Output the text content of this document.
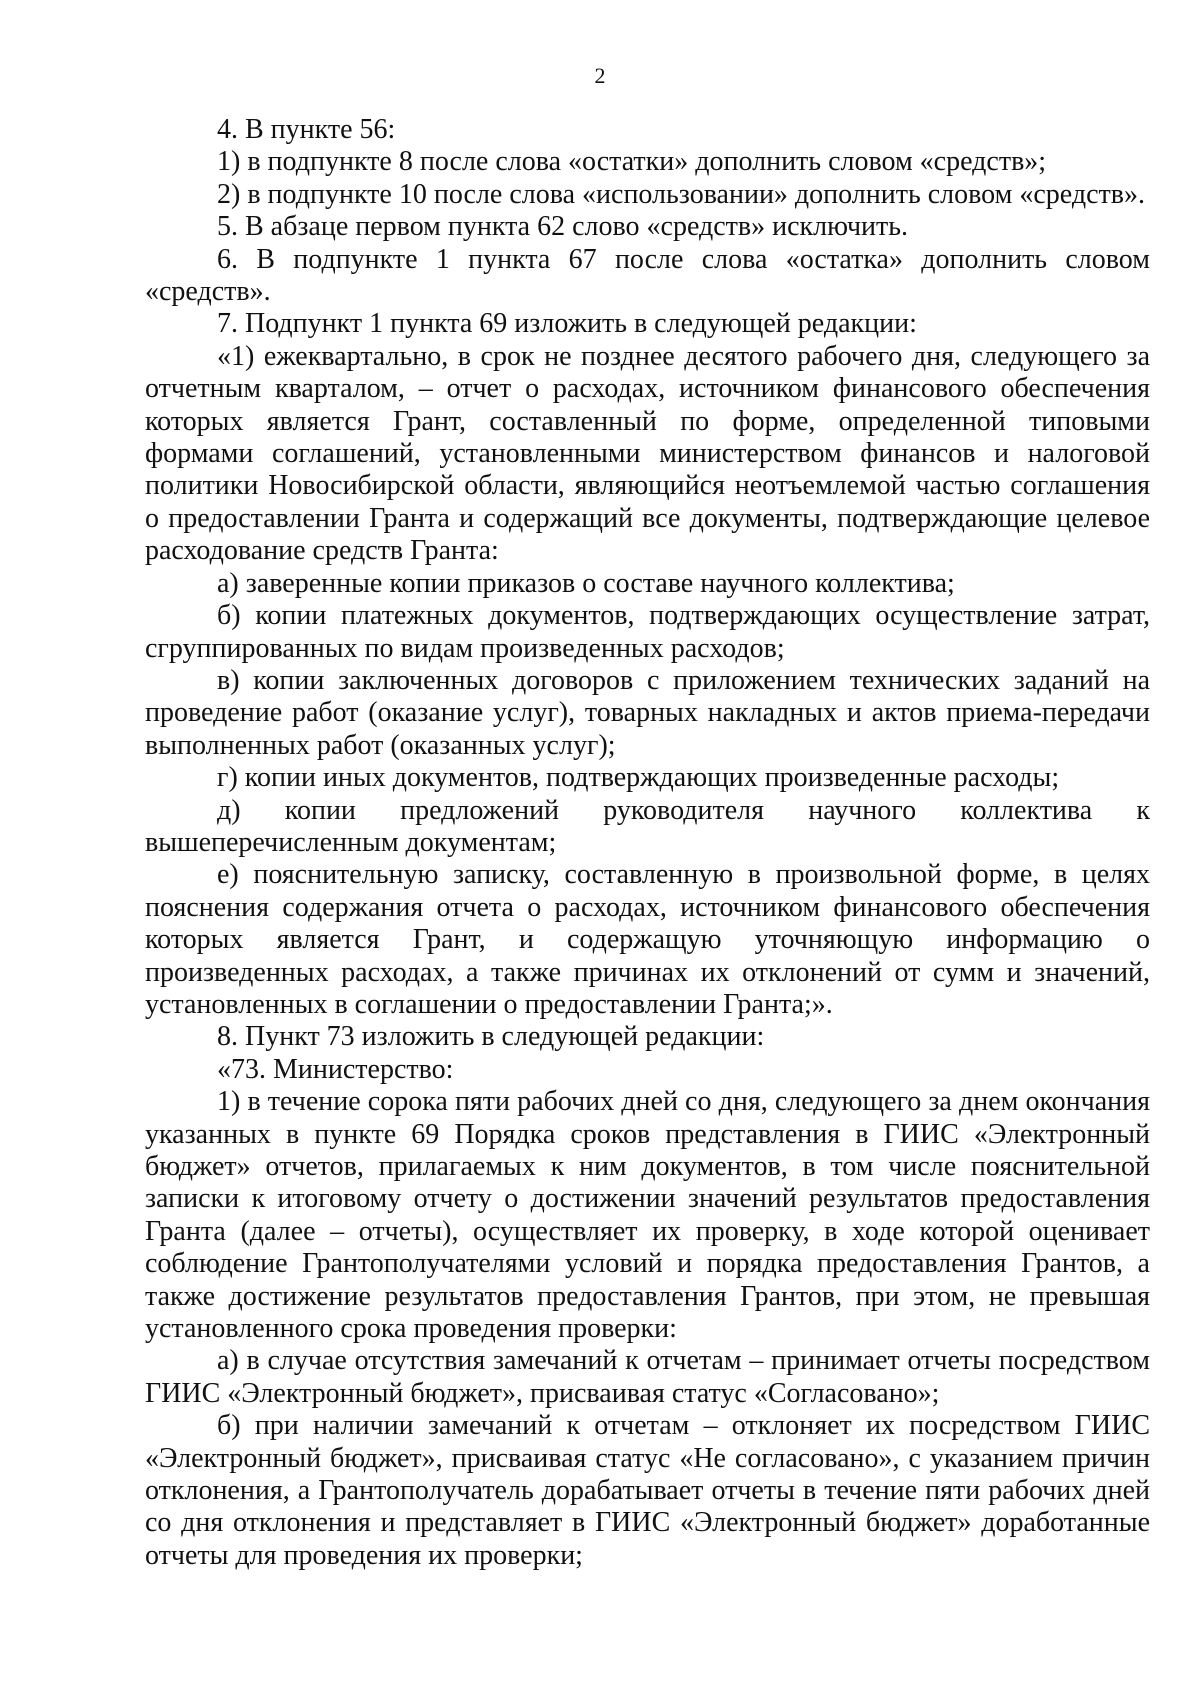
2

4. В пункте 56:

1) в подпункте 8 после слова «остатки» дополнить словом «средств»;

2) в подпункте 10 после слова «использовании» дополнить словом «средств».

5. В абзаце первом пункта 62 слово «средств» исключить.

6. В подпункте 1 пункта 67 после слова «остатка» дополнить словом «средств».

7. Подпункт 1 пункта 69 изложить в следующей редакции:

«1) ежеквартально, в срок не позднее десятого рабочего дня, следующего за отчетным кварталом, – отчет о расходах, источником финансового обеспечения которых является Грант, составленный по форме, определенной типовыми формами соглашений, установленными министерством финансов и налоговой политики Новосибирской области, являющийся неотъемлемой частью соглашения о предоставлении Гранта и содержащий все документы, подтверждающие целевое расходование средств Гранта:

а) заверенные копии приказов о составе научного коллектива;

б) копии платежных документов, подтверждающих осуществление затрат, сгруппированных по видам произведенных расходов;

в) копии заключенных договоров с приложением технических заданий на проведение работ (оказание услуг), товарных накладных и актов приема-передачи выполненных работ (оказанных услуг);

г) копии иных документов, подтверждающих произведенные расходы;

д) копии предложений руководителя научного коллектива к вышеперечисленным документам;

е) пояснительную записку, составленную в произвольной форме, в целях пояснения содержания отчета о расходах, источником финансового обеспечения которых является Грант, и содержащую уточняющую информацию о произведенных расходах, а также причинах их отклонений от сумм и значений, установленных в соглашении о предоставлении Гранта;».

8. Пункт 73 изложить в следующей редакции:

«73. Министерство:

1) в течение сорока пяти рабочих дней со дня, следующего за днем окончания указанных в пункте 69 Порядка сроков представления в ГИИС «Электронный бюджет» отчетов, прилагаемых к ним документов, в том числе пояснительной записки к итоговому отчету о достижении значений результатов предоставления Гранта (далее – отчеты), осуществляет их проверку, в ходе которой оценивает соблюдение Грантополучателями условий и порядка предоставления Грантов, а также достижение результатов предоставления Грантов, при этом, не превышая установленного срока проведения проверки:

а) в случае отсутствия замечаний к отчетам – принимает отчеты посредством ГИИС «Электронный бюджет», присваивая статус «Согласовано»;

б) при наличии замечаний к отчетам – отклоняет их посредством ГИИС «Электронный бюджет», присваивая статус «Не согласовано», с указанием причин отклонения, а Грантополучатель дорабатывает отчеты в течение пяти рабочих дней со дня отклонения и представляет в ГИИС «Электронный бюджет» доработанные отчеты для проведения их проверки;
